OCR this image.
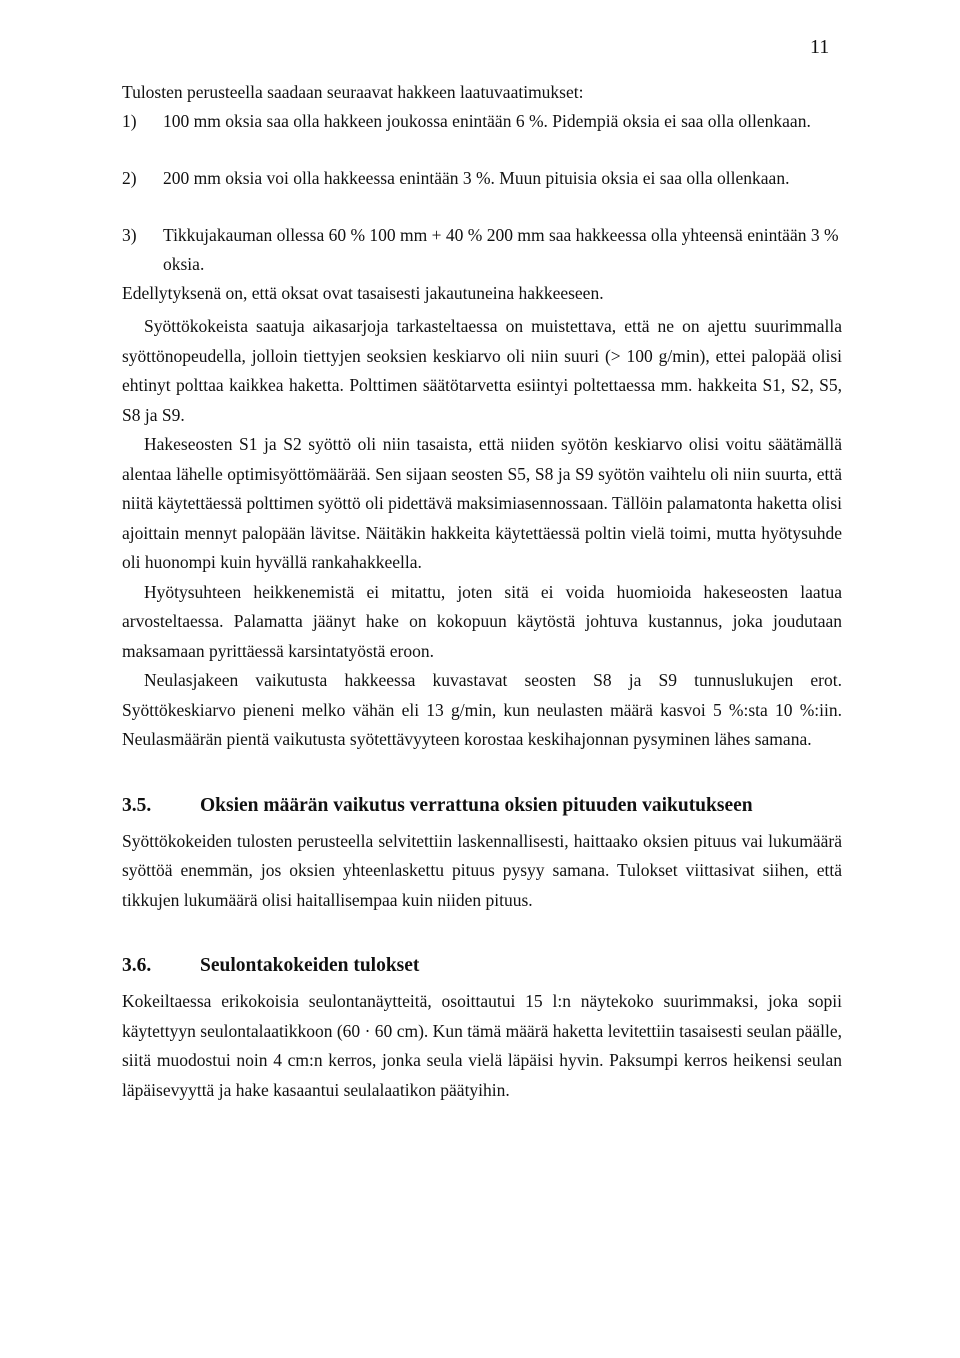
11
Tulosten perusteella saadaan seuraavat hakkeen laatuvaatimukset:
1)	100 mm oksia saa olla hakkeen joukossa enintään 6 %. Pidempiä oksia ei saa olla ollenkaan.
2)	200 mm oksia voi olla hakkeessa enintään 3 %. Muun pituisia oksia ei saa olla ollenkaan.
3)	Tikkujakauman ollessa 60 % 100 mm + 40 % 200 mm saa hakkeessa olla yhteensä enintään 3 % oksia.
Edellytyksenä on, että oksat ovat tasaisesti jakautuneina hakkeeseen.
Syöttökokeista saatuja aikasarjoja tarkasteltaessa on muistettava, että ne on ajettu suurimmalla syöttönopeudella, jolloin tiettyjen seoksien keskiarvo oli niin suuri (> 100 g/min), ettei palopää olisi ehtinyt polttaa kaikkea haketta. Polttimen säätötarvetta esiintyi poltettaessa mm. hakkeita S1, S2, S5, S8 ja S9.
Hakeseosten S1 ja S2 syöttö oli niin tasaista, että niiden syötön keskiarvo olisi voitu säätämällä alentaa lähelle optimisyöttömäärää. Sen sijaan seosten S5, S8 ja S9 syötön vaihtelu oli niin suurta, että niitä käytettäessä polttimen syöttö oli pidettävä maksimiasennossaan. Tällöin palamatonta haketta olisi ajoittain mennyt palopään lävitse. Näitäkin hakkeita käytettäessä poltin vielä toimi, mutta hyötysuhde oli huonompi kuin hyvällä rankahakkeella.
Hyötysuhteen heikkenemistä ei mitattu, joten sitä ei voida huomioida hakeseosten laatua arvosteltaessa. Palamatta jäänyt hake on kokopuun käytöstä johtuva kustannus, joka joudutaan maksamaan pyrittäessä karsintatyöstä eroon.
Neulasjakeen vaikutusta hakkeessa kuvastavat seosten S8 ja S9 tunnuslukujen erot. Syöttökeskiarvo pieneni melko vähän eli 13 g/min, kun neulasten määrä kasvoi 5 %:sta 10 %:iin. Neulasmäärän pientä vaikutusta syötettävyyteen korostaa keskihajonnan pysyminen lähes samana.
3.5.	Oksien määrän vaikutus verrattuna oksien pituuden vaikutukseen
Syöttökokeiden tulosten perusteella selvitettiin laskennallisesti, haittaako oksien pituus vai lukumäärä syöttöä enemmän, jos oksien yhteenlaskettu pituus pysyy samana. Tulokset viittasivat siihen, että tikkujen lukumäärä olisi haitallisempaa kuin niiden pituus.
3.6.	Seulontakokeiden tulokset
Kokeiltaessa erikokoisia seulontanäytteitä, osoittautui 15 l:n näytekoko suurimmaksi, joka sopii käytettyyn seulontalaatikkoon (60 · 60 cm). Kun tämä määrä haketta levitettiin tasaisesti seulan päälle, siitä muodostui noin 4 cm:n kerros, jonka seula vielä läpäisi hyvin. Paksumpi kerros heikensi seulan läpäisevyyttä ja hake kasaantui seulalaatikon päätyihin.
